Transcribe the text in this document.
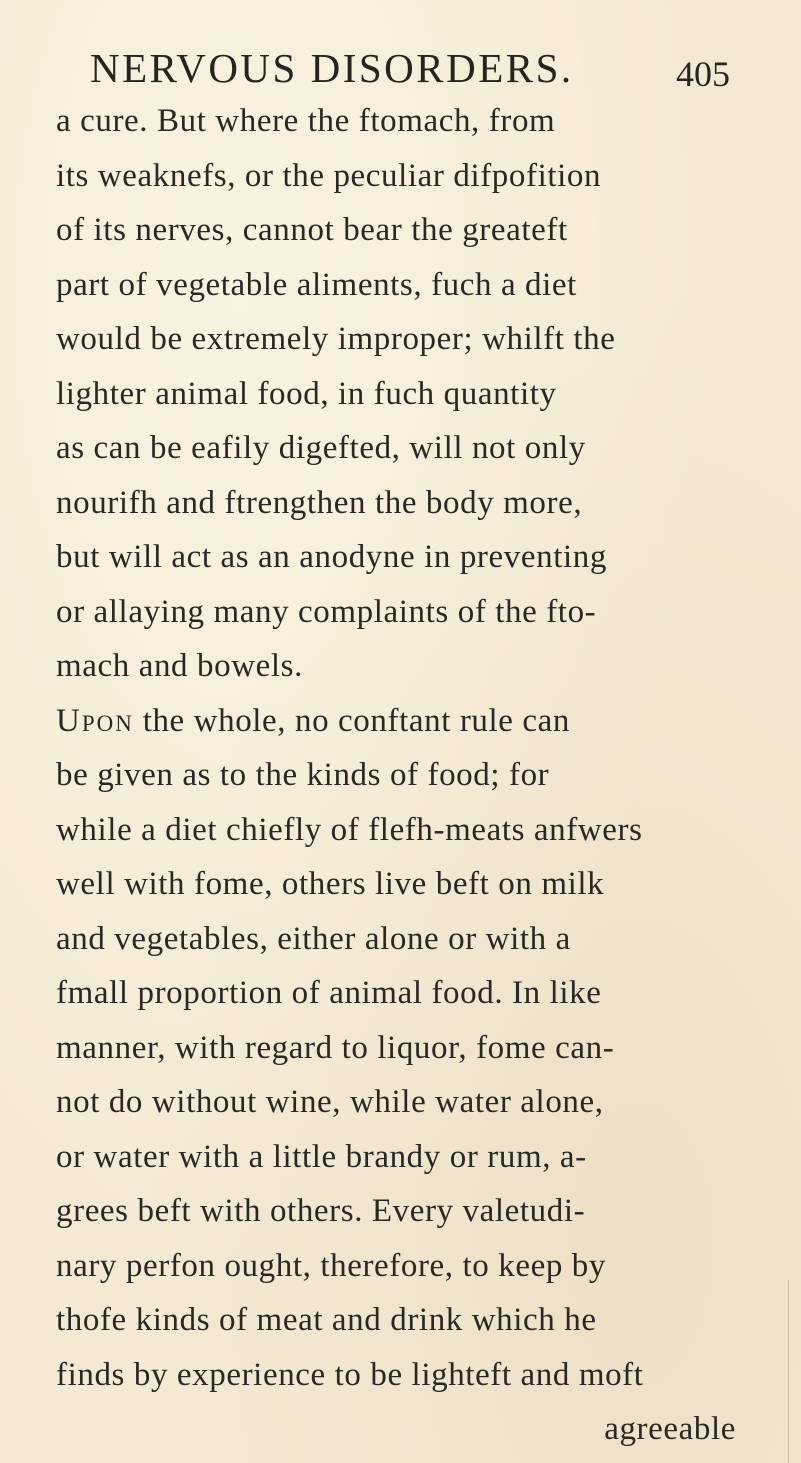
NERVOUS DISORDERS.	405
a cure. But where the ftomach, from
its weaknefs, or the peculiar difpofition
of its nerves, cannot bear the greateft
part of vegetable aliments, fuch a diet
would be extremely improper; whilft the
lighter animal food, in fuch quantity
as can be eafily digefted, will not only
nourifh and ftrengthen the body more,
but will act as an anodyne in preventing
or allaying many complaints of the fto-
mach and bowels.
Upon the whole, no conftant rule can
be given as to the kinds of food; for
while a diet chiefly of flefh-meats anfwers
well with fome, others live beft on milk
and vegetables, either alone or with a
fmall proportion of animal food. In like
manner, with regard to liquor, fome can-
not do without wine, while water alone,
or water with a little brandy or rum, a-
grees beft with others. Every valetudi-
nary perfon ought, therefore, to keep by
thofe kinds of meat and drink which he
finds by experience to be lighteft and moft
agreeable
